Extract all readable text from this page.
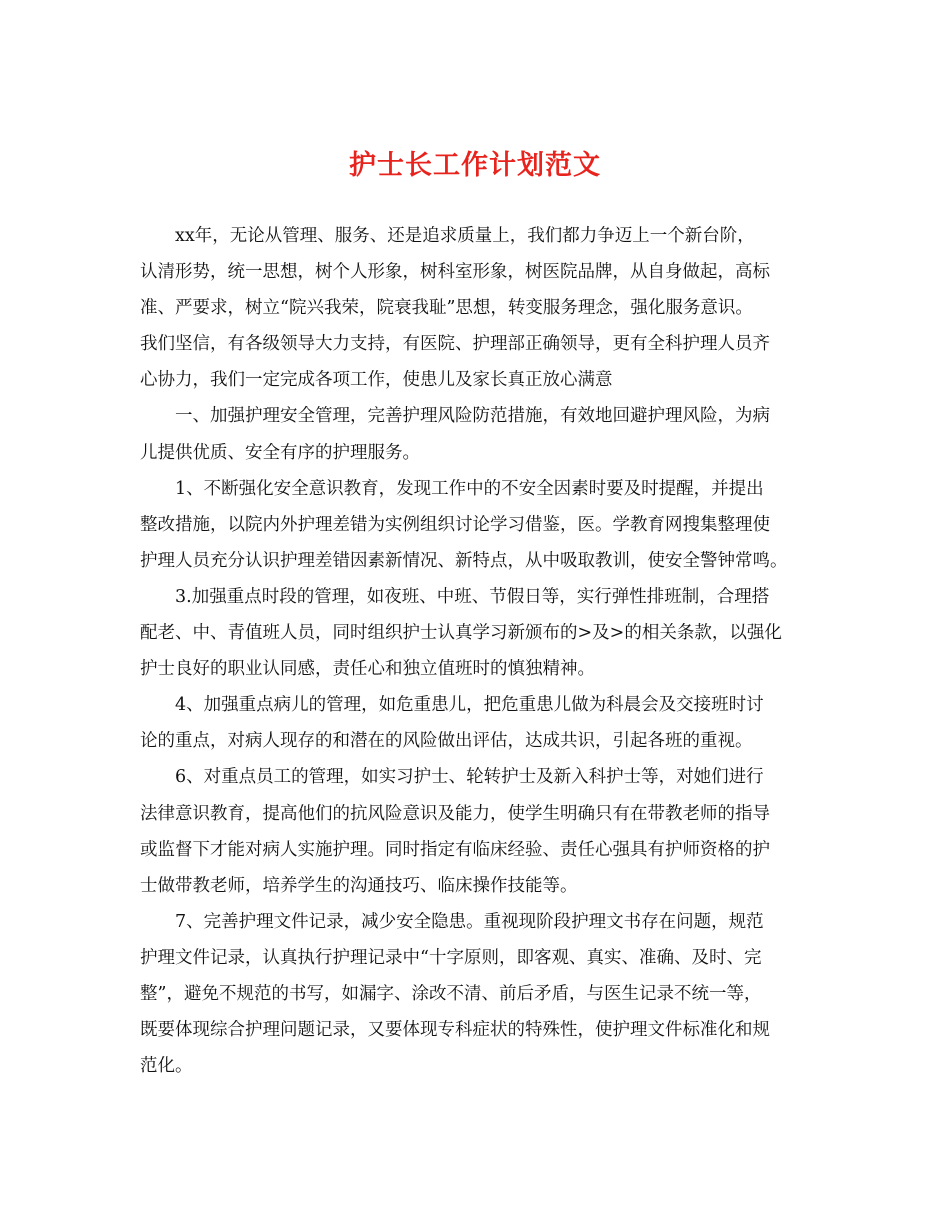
护士长工作计划范文
xx年，无论从管理、服务、还是追求质量上，我们都力争迈上一个新台阶，
认清形势，统一思想，树个人形象，树科室形象，树医院品牌，从自身做起，高标
准、严要求，树立“院兴我荣，院衰我耻”思想，转变服务理念，强化服务意识。
我们坚信，有各级领导大力支持，有医院、护理部正确领导，更有全科护理人员齐
心协力，我们一定完成各项工作，使患儿及家长真正放心满意
一、加强护理安全管理，完善护理风险防范措施，有效地回避护理风险，为病
儿提供优质、安全有序的护理服务。
1、不断强化安全意识教育，发现工作中的不安全因素时要及时提醒，并提出
整改措施，以院内外护理差错为实例组织讨论学习借鉴，医。学教育网搜集整理使
护理人员充分认识护理差错因素新情况、新特点，从中吸取教训，使安全警钟常鸣。
3.加强重点时段的管理，如夜班、中班、节假日等，实行弹性排班制，合理搭
配老、中、青值班人员，同时组织护士认真学习新颁布的>及>的相关条款，以强化
护士良好的职业认同感，责任心和独立值班时的慎独精神。
4、加强重点病儿的管理，如危重患儿，把危重患儿做为科晨会及交接班时讨
论的重点，对病人现存的和潜在的风险做出评估，达成共识，引起各班的重视。
6、对重点员工的管理，如实习护士、轮转护士及新入科护士等，对她们进行
法律意识教育，提高他们的抗风险意识及能力，使学生明确只有在带教老师的指导
或监督下才能对病人实施护理。同时指定有临床经验、责任心强具有护师资格的护
士做带教老师，培养学生的沟通技巧、临床操作技能等。
7、完善护理文件记录，减少安全隐患。重视现阶段护理文书存在问题，规范
护理文件记录，认真执行护理记录中“十字原则，即客观、真实、准确、及时、完
整”，避免不规范的书写，如漏字、涂改不清、前后矛盾，与医生记录不统一等，
既要体现综合护理问题记录，又要体现专科症状的特殊性，使护理文件标准化和规
范化。
